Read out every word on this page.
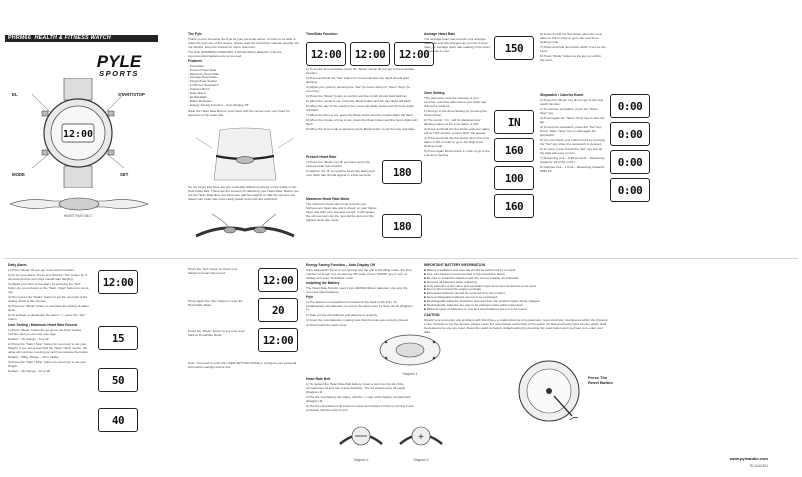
PHRM66 HEALTH & FITNESS WATCH
PYLE
SPORTS
12:00
EL	START/STOP
MODE	SET
HEART RATE BELT
The Pyle

Thank you for choosing the Pyle as your personal trainer. In order to be able to make the best use of this device, please read the instruction manual carefully. Do not discard, keep the manual for future reference.

The Pyle (PHRM66) CATEGORY 1 ATLAS 65mm batteries. Only the recommended batteries are to be used.

Features
- Time/Date
- Present Heart Rate
- Maximum Heart Rate
- Average Heart Rate
- Target Zone Setting
- 1/100 sec Stopwatch
- Calories Burnt
- Daily Alarm
- EL Backlight
- Water Resistant
- Energy Saving Function – Auto Display Off

Wear the Heart Rate Belt on your chest with the sensor over your heart for detection of the heart rate.

Do not forget that there are two noticeably different pairings on the inside of the Heart Rate Belt. These are the sensors for detecting your Heart Rate. Before you put the Heart Rate Belt, wet these two patches slightly so that the sensors can detect your heart rate more easily (water and moist are sufficient).

Time/Date Function
12:00	12:00	12:00

1) To set the time and date, press the "Mode" button till you get to the time/date function.

2) Press and hold the "Set" button for 3 seconds then the digits should start flashing.

3) Adjust your year by pressing the "Set" (to count down) or "Start / Stop" (to count up).

4) Press the "Mode" button to confirm and the month should start flashing.

5) When the month is set, press the Mode button and the day digits will flash.

6) When the day of the month is set, press the Mode button and the hour digits will flash.

7) When the hour is set, press the Mode button and the minute digits will flash.

8) When the minute of time is set, press the Mode button and the hours digits will flash.

9) When the time mode is selected, press Mode button to set the time and date.

Present Heart Rate

1) Press the "Mode" key till you have got to the present heart rate function.

2) Wait for the "♥" to read the heart rate alarm and your heart rate should appear in a few seconds.	180
Maximum Heart Rate Mode

The maximum heart rate mode records your highest-ever heart rate and is shown on your higher heart rate than your previous record. It will replace the old one and only the new will be stored on the highest heart rate mode.

180
Average Heart Rate

The average heart rate records your average heart rate and this changes as you use it more often; an average heart rate reading in the order as you use it more.	150
Zone Setting

This parameter sets the intensity of your exercise, and thus determines your heart rate during the workout.

1) First go to the Zone Setting by pressing the Mode button.

2) The words '- IN -' will be displayed and flashing values of the zone alarm is ON.

3) Press and hold the Set button and your alarm will be OFF and the symbol 'OFF' will appear.

4) Press and hold the Set button when the zone alarm is ON in order to go to the High Zone Setting mode.

5) Press again Mode button in order to go to the Low Zone Setting.

IN
160
100
160

6) Press & hold the Set button when the zone alarm is ON in order to go to the Low Zone Setting mode.

7) Press and hold Set button within 3 sec for the Limit.

8) Press "Mode" button as the key to confirm the Limit.

Stopwatch / Calories Burnt

1) Press the "Mode" key till you get to the stop watch function.

2) To start the stopwatch, press the "Start / Stop" key.

3) Press again the "Start / Stop" key to take the lap.

4) To stop the stopwatch, press the "Set" key. Press "Start / Stop" key to start again the stopwatch.

5) You can check your calorie burnt by pressing the "Set" key when the stopwatch is stopped.

6) To reset, press & hold the "Set" key and all the data will reset to zero.

7) Measuring Unit – 0-99 seconds – Measuring Capacity: 24 hr 59 m 59 s

8) Calories Unit – 1 Kcal – Measuring Capacity: 9999 KK

0:00
0:00
0:00
0:00
Daily Alarm

1) Press "Mode" till you get to the alarm function.

2) To set your alarm, Press and hold the "Set" button for 3 seconds and the hour digit should start flashing.

3) Adjust your hour of the alarm by pressing the "Set" button (to count down) or the "Start / Stop" button (to count up).

4) Then press the "Mode" button to set the next part of the setting which is the minutes.

5) Press the "Mode" button to complete the setting of alarm clock.

6) To activate or deactivate the alarm "♪", press the "Set" button.

User Setting / Maximum Heart Rate Record

1) Press "Mode" button till you get to the User Setting function and you can see your Age.

Default – 15, Range – 5 to 99

2) Press the "Start / Stop" button (to count up) to set your Weight. If you press and hold the "Start / Stop" button, the value will continue counting up until you release the button.

Default – 50kg, Range – 20 to 199kg

3) Press the "Start / Stop" button (to count up) to set your Height.

Default – 40, Range – 10 to 99

12:00
15
50
40

Press the "Set" button to check your Maximum heart rate record.

12:00

Press again the "Set" button to reset the Heart Rate Ratio.	20

Press the "Mode" button in any time to go back to Time/Date Mode.	12:00

Note: You need to enter the USER SETTING MODE to configure your personal information settings before use.

Energy Saving Function – Auto Display Off

If the Stopwatch/ Timer is not running and the unit is left idling mode, the time number for longer out, the Energy Off mode. Press "MODE" key to turn on display and enter Time/Date mode.

Installing the Battery

The Heart Rate Monitor uses 2 pcs CR2032 lithium batteries. Use only the recommended batteries.

Pyle

1) The batteries compartment is located at the back of the Pyle. To install/replace the batteries, un-screw the back cover by three circuit (Diagram 1).

2) Take out the old batteries and dispose of properly.

3) Insert the new batteries, making sure that the poles are correctly placed.

4) Screw back the back cover.

Diagram 1
Heart Rate Belt

1) To replace the Heart Rate Belt battery, insert a coin into the slit of the compartment lid and turn it anti-clockwise. The lid should come off easily (Diagram 2).

2) Put the new battery into place, with the '+' sign of the battery compartment (Diagram 3).

3) Put the compartment lid back into place and tighten it firmly by turning it anti-clockwise with the help of coin.

Diagram 2
+
Diagram 3
IMPORTANT BATTERY INFORMATION
■ Battery installation and removal should be performed by an adult.
■ Use only batteries recommended in this instruction sheet.
■ Be sure to install the batteries with the correct polarity, as indicated.
■ Remove all batteries when replacing.
■ Only batteries of the same and equivalent type as recommended are to be used.
■ Do not short circuit the supply terminals.
■ Exhausted batteries should be removed from the product.
■ Non-rechargeable batteries are not to be recharged.
■ Rechargeable batteries should be removed from the product before being charged.
■ Rechargeable batteries are only to be charged under adult supervision.
■ Different types of batteries or new and used batteries are not to be mixed.
CAUTION

Should your encounter any problems with this Pyle e.g. malfunctioning of a parameter, reset electricity, interference within the physical or the methods to set the devices, please press the reset button at the back of the watch. All data previously input into the watch shall be deleted once you are reset. Reset the watch to factory default setting by pressing the reset button and you have to re-enter your data.

Press The
Reset Button
www.pyleaudio.com
TD-SALE801
